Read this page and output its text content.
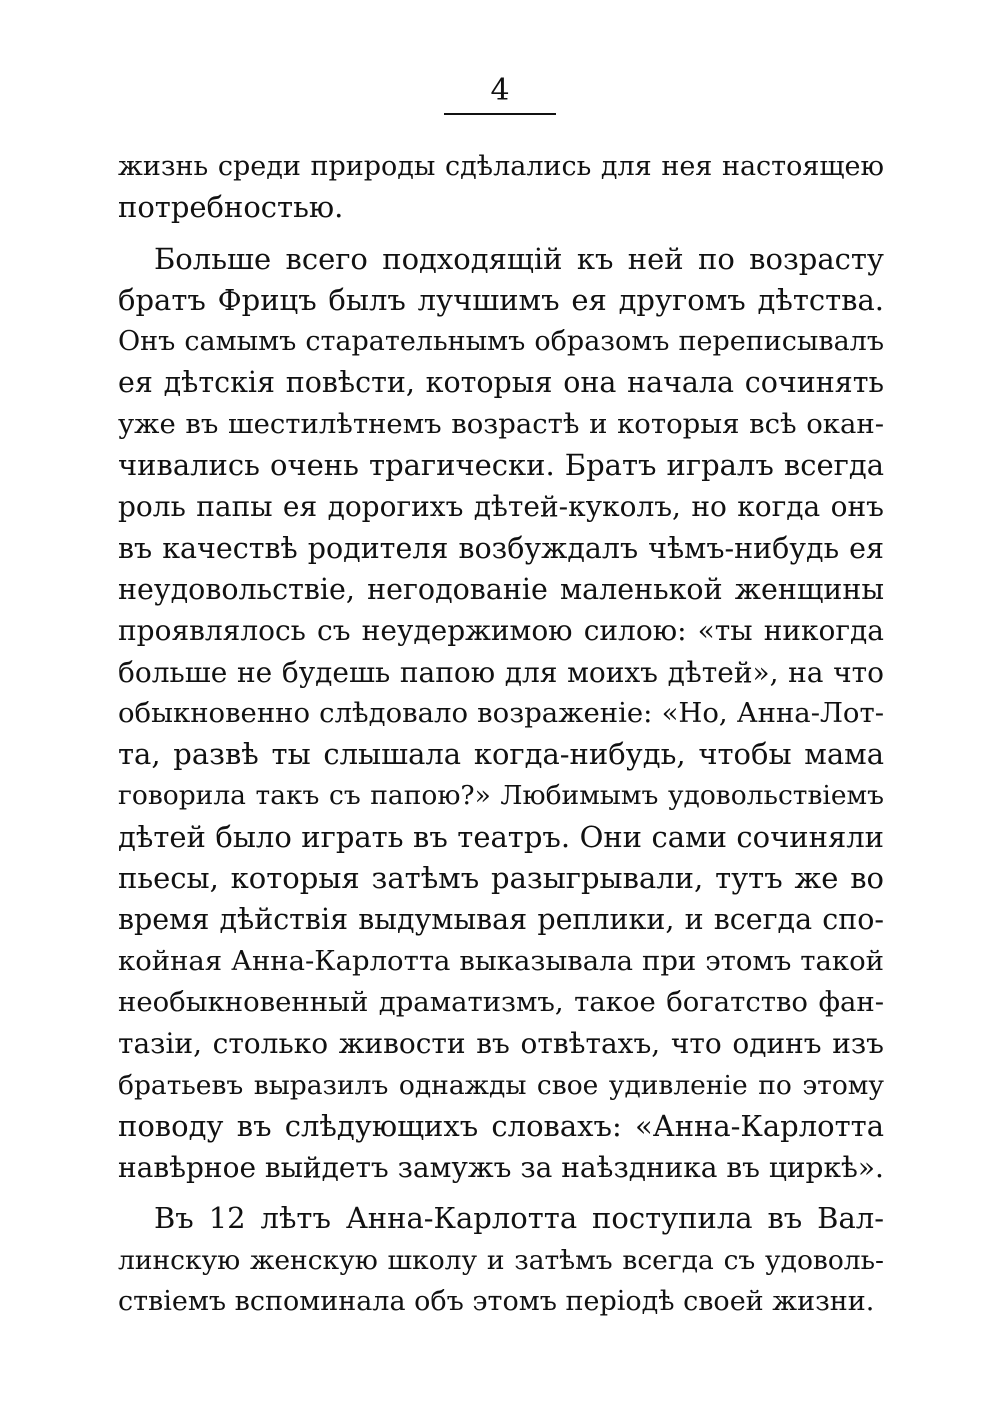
4
жизнь среди природы сдѣлались для нея настоящею
потребностью.
Больше всего подходящій къ ней по возрасту
братъ Фрицъ былъ лучшимъ ея другомъ дѣтства.
Онъ самымъ старательнымъ образомъ переписывалъ
ея дѣтскія повѣсти, которыя она начала сочинять
уже въ шестилѣтнемъ возрастѣ и которыя всѣ окан-
чивались очень трагически. Братъ игралъ всегда
роль папы ея дорогихъ дѣтей-куколъ, но когда онъ
въ качествѣ родителя возбуждалъ чѣмъ-нибудь ея
неудовольствіе, негодованіе маленькой женщины
проявлялось съ неудержимою силою: «ты никогда
больше не будешь папою для моихъ дѣтей», на что
обыкновенно слѣдовало возраженіе: «Но, Анна-Лот-
та, развѣ ты слышала когда-нибудь, чтобы мама
говорила такъ съ папою?» Любимымъ удовольствіемъ
дѣтей было играть въ театръ. Они сами сочиняли
пьесы, которыя затѣмъ разыгрывали, тутъ же во
время дѣйствія выдумывая реплики, и всегда спо-
койная Анна-Карлотта выказывала при этомъ такой
необыкновенный драматизмъ, такое богатство фан-
тазіи, столько живости въ отвѣтахъ, что одинъ изъ
братьевъ выразилъ однажды свое удивленіе по этому
поводу въ слѣдующихъ словахъ: «Анна-Карлотта
навѣрное выйдетъ замужъ за наѣздника въ циркѣ».
Въ 12 лѣтъ Анна-Карлотта поступила въ Вал-
линскую женскую школу и затѣмъ всегда съ удоволь-
ствіемъ вспоминала объ этомъ періодѣ своей жизни.
